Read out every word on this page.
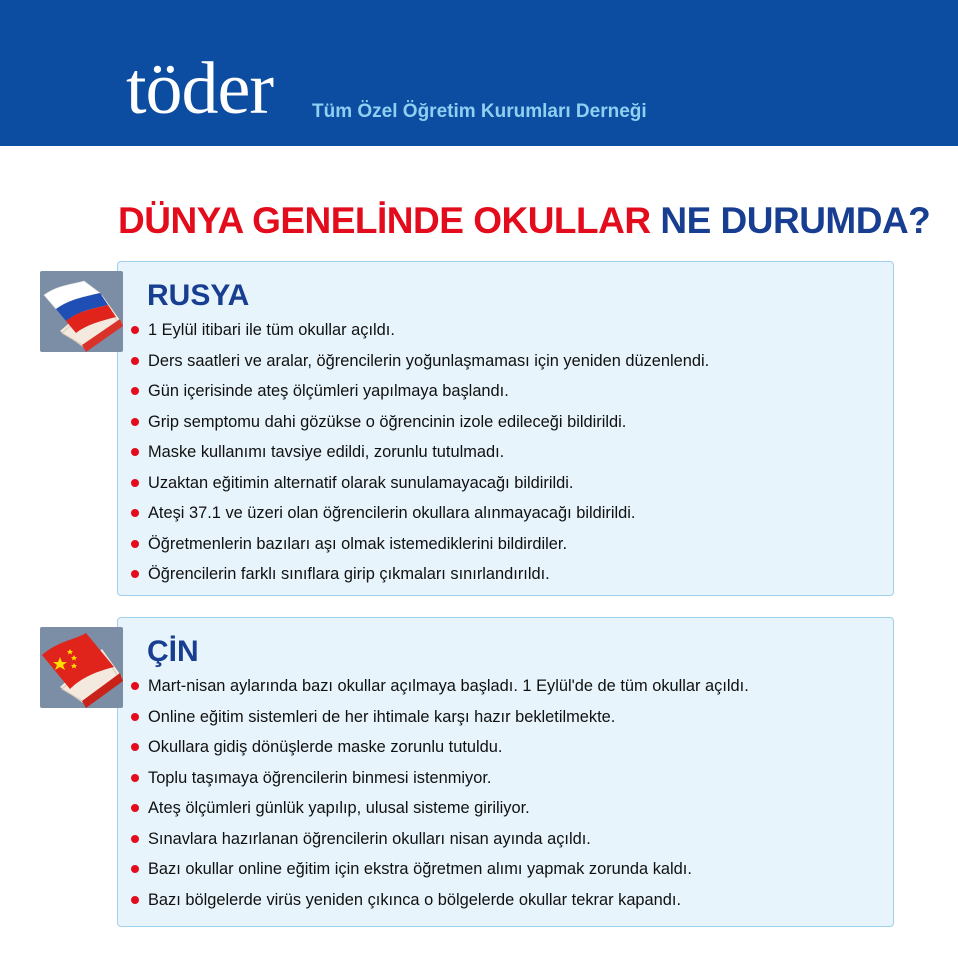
töder Tüm Özel Öğretim Kurumları Derneği
DÜNYA GENELİNDE OKULLAR NE DURUMDA?
RUSYA
1 Eylül itibari ile tüm okullar açıldı.
Ders saatleri ve aralar, öğrencilerin yoğunlaşmaması için yeniden düzenlendi.
Gün içerisinde ateş ölçümleri yapılmaya başlandı.
Grip semptomu dahi gözükse o öğrencinin izole edileceği bildirildi.
Maske kullanımı tavsiye edildi, zorunlu tutulmadı.
Uzaktan eğitimin alternatif olarak sunulamayacağı bildirildi.
Ateşi 37.1 ve üzeri olan öğrencilerin okullara alınmayacağı bildirildi.
Öğretmenlerin bazıları aşı olmak istemediklerini bildirdiler.
Öğrencilerin farklı sınıflara girip çıkmaları sınırlandırıldı.
ÇİN
Mart-nisan aylarında bazı okullar açılmaya başladı. 1 Eylül'de de tüm okullar açıldı.
Online eğitim sistemleri de her ihtimale karşı hazır bekletilmekte.
Okullara gidiş dönüşlerde maske zorunlu tutuldu.
Toplu taşımaya öğrencilerin binmesi istenmiyor.
Ateş ölçümleri günlük yapılıp, ulusal sisteme giriliyor.
Sınavlara hazırlanan öğrencilerin okulları nisan ayında açıldı.
Bazı okullar online eğitim için ekstra öğretmen alımı yapmak zorunda kaldı.
Bazı bölgelerde virüs yeniden çıkınca o bölgelerde okullar tekrar kapandı.
